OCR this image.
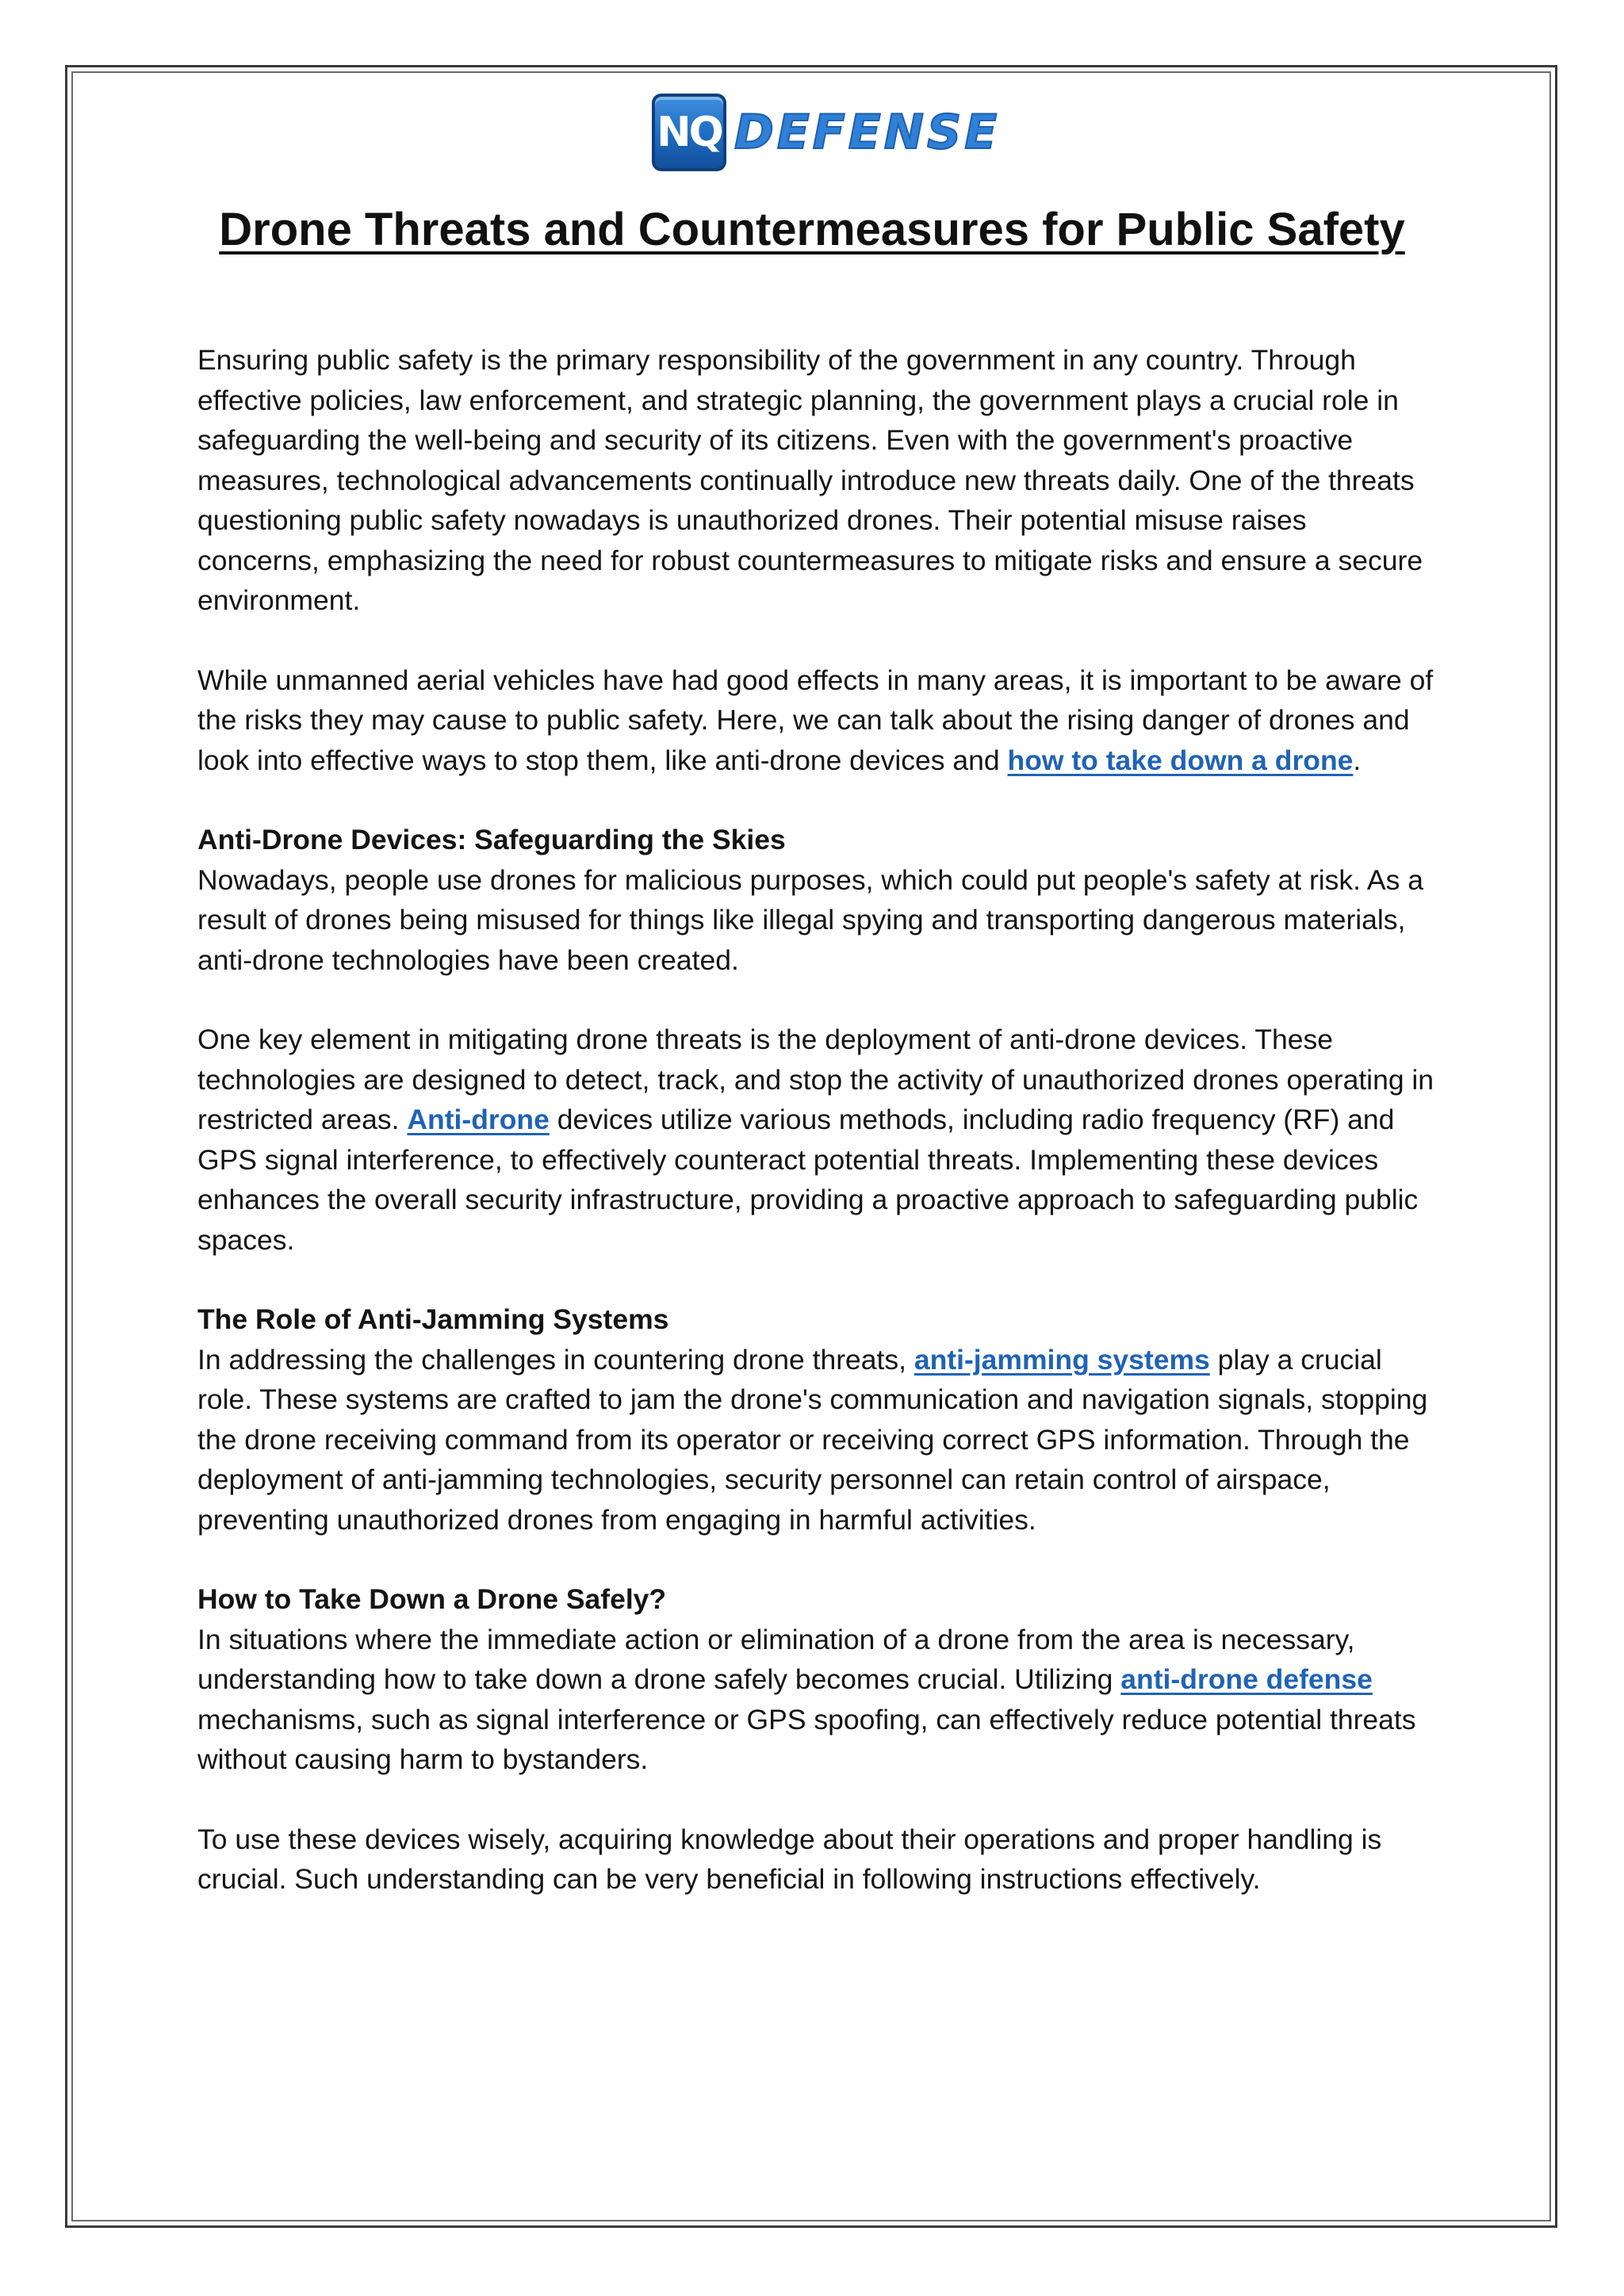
NQ DEFENSE
Drone Threats and Countermeasures for Public Safety

Ensuring public safety is the primary responsibility of the government in any country. Through effective policies, law enforcement, and strategic planning, the government plays a crucial role in safeguarding the well-being and security of its citizens. Even with the government's proactive measures, technological advancements continually introduce new threats daily. One of the threats questioning public safety nowadays is unauthorized drones. Their potential misuse raises concerns, emphasizing the need for robust countermeasures to mitigate risks and ensure a secure environment.

While unmanned aerial vehicles have had good effects in many areas, it is important to be aware of the risks they may cause to public safety. Here, we can talk about the rising danger of drones and look into effective ways to stop them, like anti-drone devices and how to take down a drone.

Anti-Drone Devices: Safeguarding the Skies

Nowadays, people use drones for malicious purposes, which could put people's safety at risk. As a result of drones being misused for things like illegal spying and transporting dangerous materials, anti-drone technologies have been created.

One key element in mitigating drone threats is the deployment of anti-drone devices. These technologies are designed to detect, track, and stop the activity of unauthorized drones operating in restricted areas. Anti-drone devices utilize various methods, including radio frequency (RF) and GPS signal interference, to effectively counteract potential threats. Implementing these devices enhances the overall security infrastructure, providing a proactive approach to safeguarding public spaces.

The Role of Anti-Jamming Systems

In addressing the challenges in countering drone threats, anti-jamming systems play a crucial role. These systems are crafted to jam the drone's communication and navigation signals, stopping the drone receiving command from its operator or receiving correct GPS information. Through the deployment of anti-jamming technologies, security personnel can retain control of airspace, preventing unauthorized drones from engaging in harmful activities.

How to Take Down a Drone Safely?

In situations where the immediate action or elimination of a drone from the area is necessary, understanding how to take down a drone safely becomes crucial. Utilizing anti-drone defense mechanisms, such as signal interference or GPS spoofing, can effectively reduce potential threats without causing harm to bystanders.

To use these devices wisely, acquiring knowledge about their operations and proper handling is crucial. Such understanding can be very beneficial in following instructions effectively.
